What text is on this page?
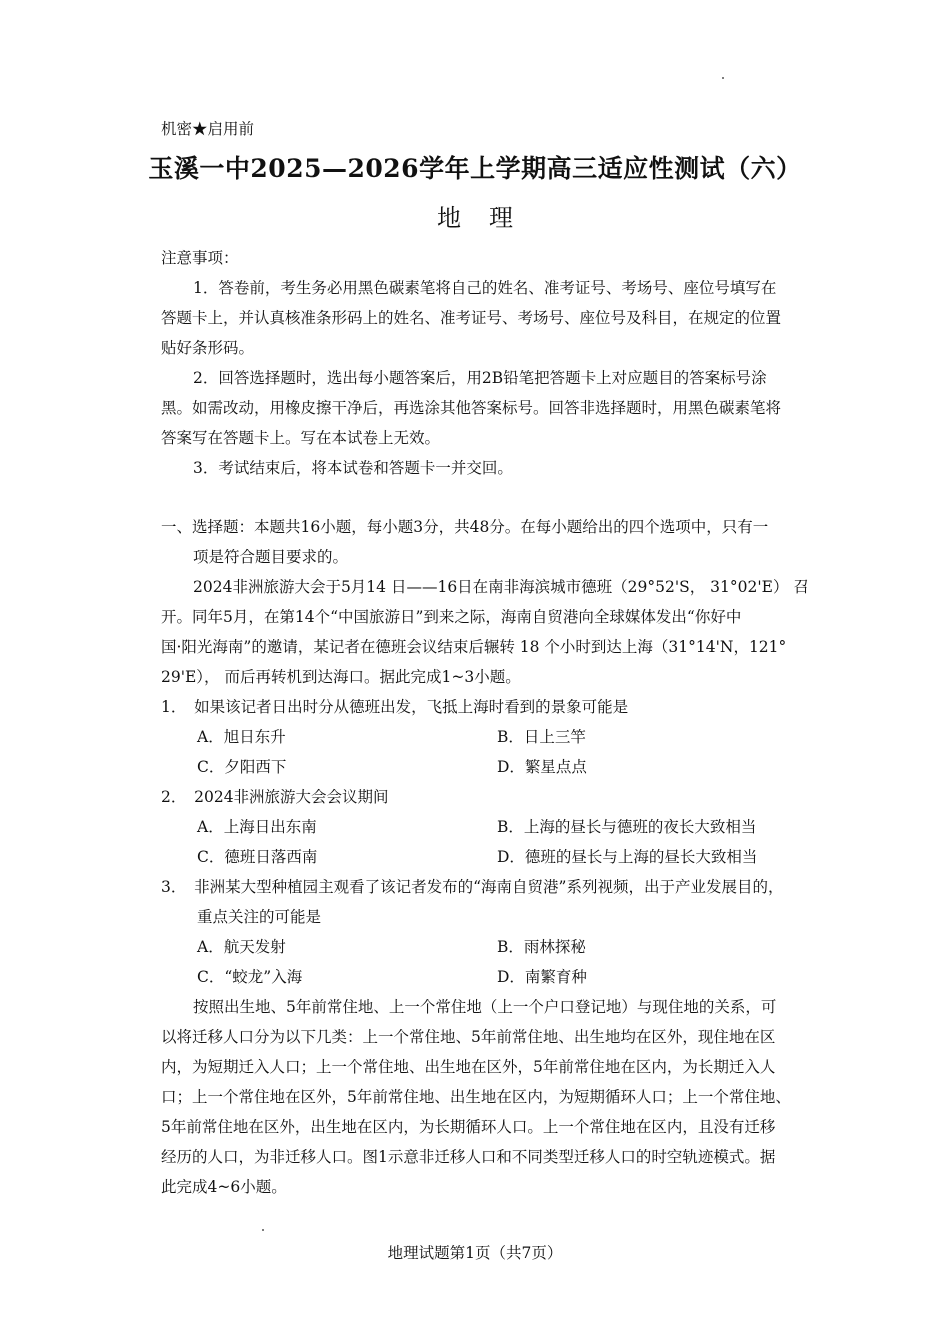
机密★启用前
玉溪一中2025—2026学年上学期高三适应性测试（六）
地理
注意事项：
1．答卷前，考生务必用黑色碳素笔将自己的姓名、准考证号、考场号、座位号填写在
答题卡上，并认真核准条形码上的姓名、准考证号、考场号、座位号及科目，在规定的位置
贴好条形码。
2．回答选择题时，选出每小题答案后，用2B铅笔把答题卡上对应题目的答案标号涂
黑。如需改动，用橡皮擦干净后，再选涂其他答案标号。回答非选择题时，用黑色碳素笔将
答案写在答题卡上。写在本试卷上无效。
3．考试结束后，将本试卷和答题卡一并交回。
一、选择题：本题共16小题，每小题3分，共48分。在每小题给出的四个选项中，只有一
项是符合题目要求的。
2024非洲旅游大会于5月14 日——16日在南非海滨城市德班（29°52'S， 31°02'E） 召
开。同年5月，在第14个“中国旅游日”到来之际，海南自贸港向全球媒体发出“你好中
国·阳光海南”的邀请，某记者在德班会议结束后辗转 18 个小时到达上海（31°14'N，121°
29'E）， 而后再转机到达海口。据此完成1~3小题。
1．　如果该记者日出时分从德班出发，飞抵上海时看到的景象可能是
A．旭日东升	B．日上三竿
C．夕阳西下	D．繁星点点
2．　2024非洲旅游大会会议期间
A．上海日出东南	B．上海的昼长与德班的夜长大致相当
C．德班日落西南	D．德班的昼长与上海的昼长大致相当
3．　非洲某大型种植园主观看了该记者发布的“海南自贸港”系列视频，出于产业发展目的，
重点关注的可能是
A．航天发射	B．雨林探秘
C．“蛟龙”入海	D．南繁育种
按照出生地、5年前常住地、上一个常住地（上一个户口登记地）与现住地的关系，可
以将迁移人口分为以下几类：上一个常住地、5年前常住地、出生地均在区外，现住地在区
内，为短期迁入人口；上一个常住地、出生地在区外，5年前常住地在区内，为长期迁入人
口；上一个常住地在区外，5年前常住地、出生地在区内，为短期循环人口；上一个常住地、
5年前常住地在区外，出生地在区内，为长期循环人口。上一个常住地在区内，且没有迁移
经历的人口，为非迁移人口。图1示意非迁移人口和不同类型迁移人口的时空轨迹模式。据
此完成4~6小题。
地理试题第1页（共7页）
